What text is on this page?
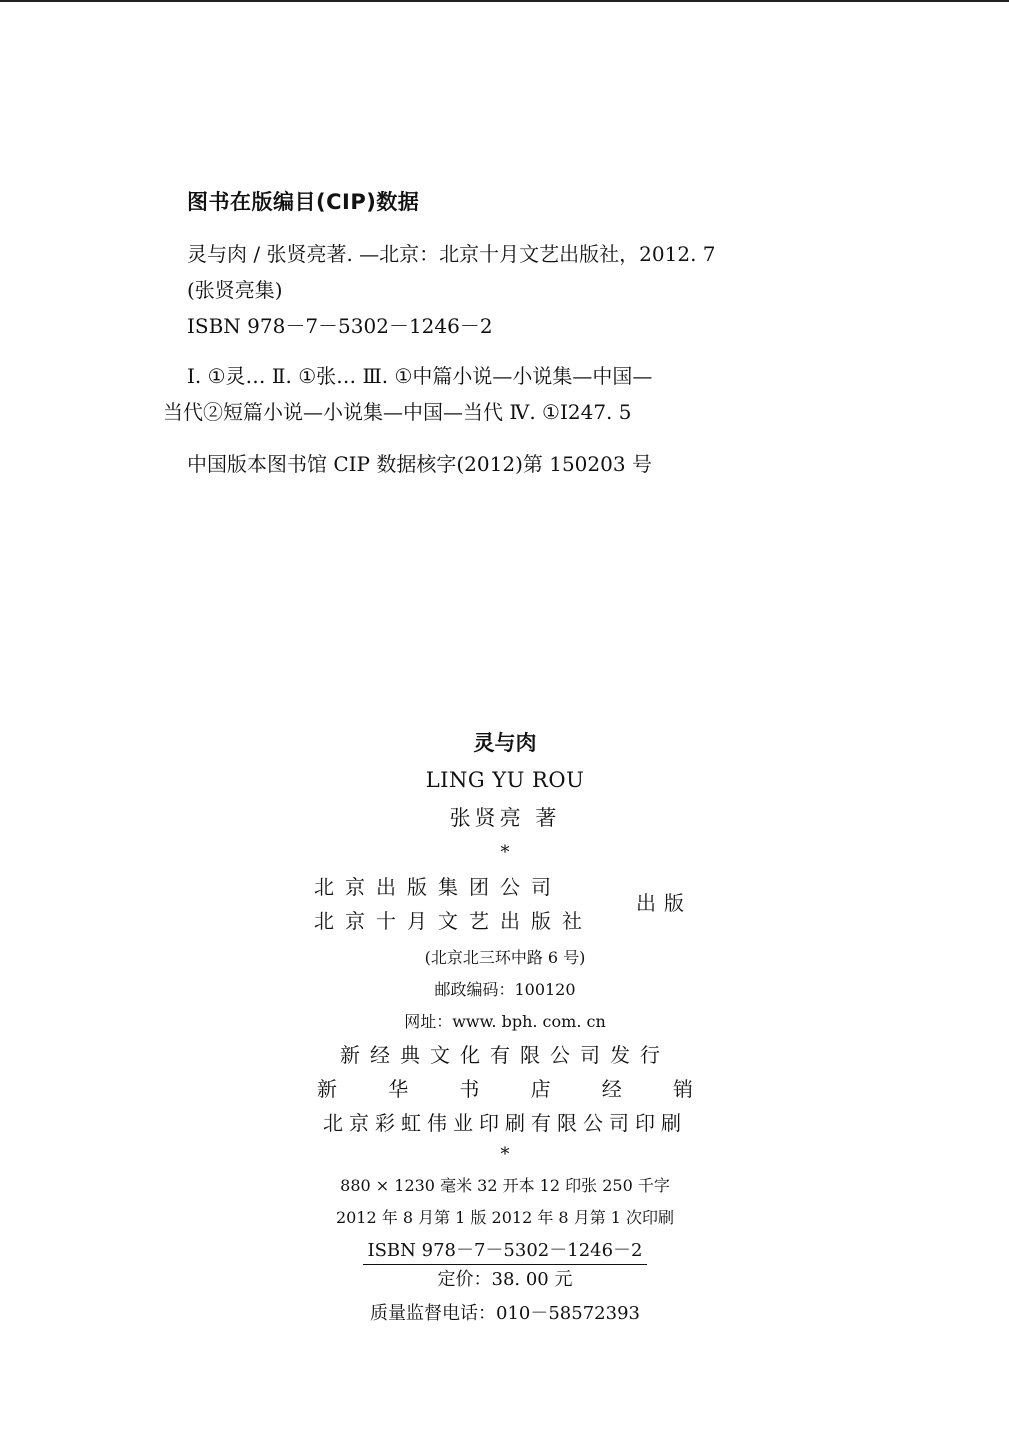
图书在版编目(CIP)数据
灵与肉 / 张贤亮著. —北京：北京十月文艺出版社，2012. 7
(张贤亮集)
ISBN 978－7－5302－1246－2
Ⅰ. ①灵… Ⅱ. ①张… Ⅲ. ①中篇小说—小说集—中国—
当代②短篇小说—小说集—中国—当代 Ⅳ. ①I247. 5
中国版本图书馆 CIP 数据核字(2012)第 150203 号
灵与肉
LING YU ROU
张贤亮 著
*
北京出版集团公司
北京十月文艺出版社
出版
(北京北三环中路 6 号)
邮政编码：100120
网址：www. bph. com. cn
新经典文化有限公司发行
新	华	书	店	经	销
北京彩虹伟业印刷有限公司印刷
*
880 × 1230 毫米 32 开本 12 印张 250 千字
2012 年 8 月第 1 版 2012 年 8 月第 1 次印刷
ISBN 978－7－5302－1246－2
定价：38. 00 元
质量监督电话：010－58572393
